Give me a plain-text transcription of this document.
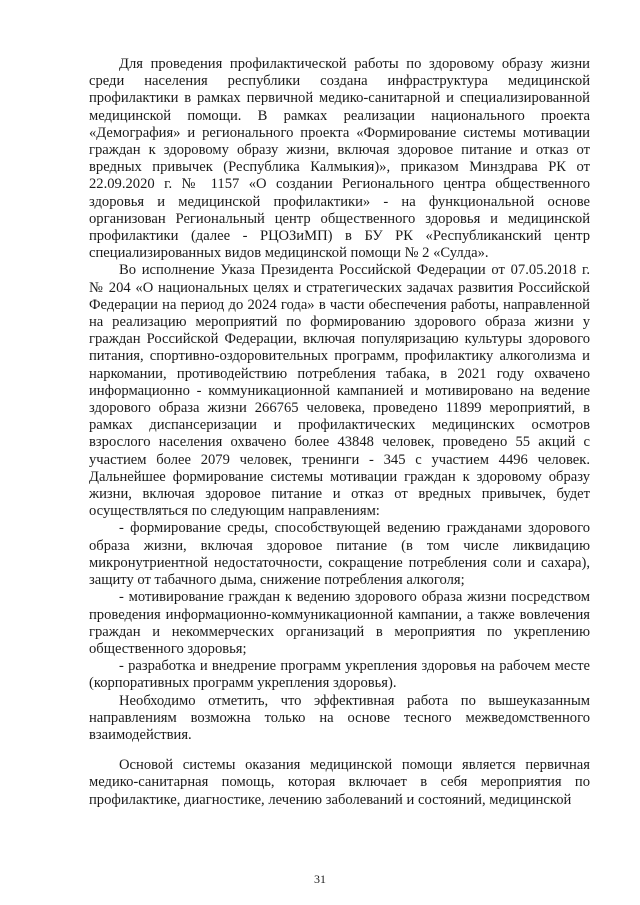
Для проведения профилактической работы по здоровому образу жизни среди населения республики создана инфраструктура медицинской профилактики в рамках первичной медико-санитарной и специализированной медицинской помощи. В рамках реализации национального проекта «Демография» и регионального проекта «Формирование системы мотивации граждан к здоровому образу жизни, включая здоровое питание и отказ от вредных привычек (Республика Калмыкия)», приказом Минздрава РК от 22.09.2020 г. № 1157 «О создании Регионального центра общественного здоровья и медицинской профилактики» - на функциональной основе организован Региональный центр общественного здоровья и медицинской профилактики (далее - РЦОЗиМП) в БУ РК «Республиканский центр специализированных видов медицинской помощи № 2 «Сулда».

Во исполнение Указа Президента Российской Федерации от 07.05.2018 г. № 204 «О национальных целях и стратегических задачах развития Российской Федерации на период до 2024 года» в части обеспечения работы, направленной на реализацию мероприятий по формированию здорового образа жизни у граждан Российской Федерации, включая популяризацию культуры здорового питания, спортивно-оздоровительных программ, профилактику алкоголизма и наркомании, противодействию потребления табака, в 2021 году охвачено информационно - коммуникационной кампанией и мотивировано на ведение здорового образа жизни 266765 человека, проведено 11899 мероприятий, в рамках диспансеризации и профилактических медицинских осмотров взрослого населения охвачено более 43848 человек, проведено 55 акций с участием более 2079 человек, тренинги - 345 с участием 4496 человек. Дальнейшее формирование системы мотивации граждан к здоровому образу жизни, включая здоровое питание и отказ от вредных привычек, будет осуществляться по следующим направлениям:

- формирование среды, способствующей ведению гражданами здорового образа жизни, включая здоровое питание (в том числе ликвидацию микронутриентной недостаточности, сокращение потребления соли и сахара), защиту от табачного дыма, снижение потребления алкоголя;

- мотивирование граждан к ведению здорового образа жизни посредством проведения информационно-коммуникационной кампании, а также вовлечения граждан и некоммерческих организаций в мероприятия по укреплению общественного здоровья;

- разработка и внедрение программ укрепления здоровья на рабочем месте (корпоративных программ укрепления здоровья).

Необходимо отметить, что эффективная работа по вышеуказанным направлениям возможна только на основе тесного межведомственного взаимодействия.

Основой системы оказания медицинской помощи является первичная медико-санитарная помощь, которая включает в себя мероприятия по профилактике, диагностике, лечению заболеваний и состояний, медицинской

31
